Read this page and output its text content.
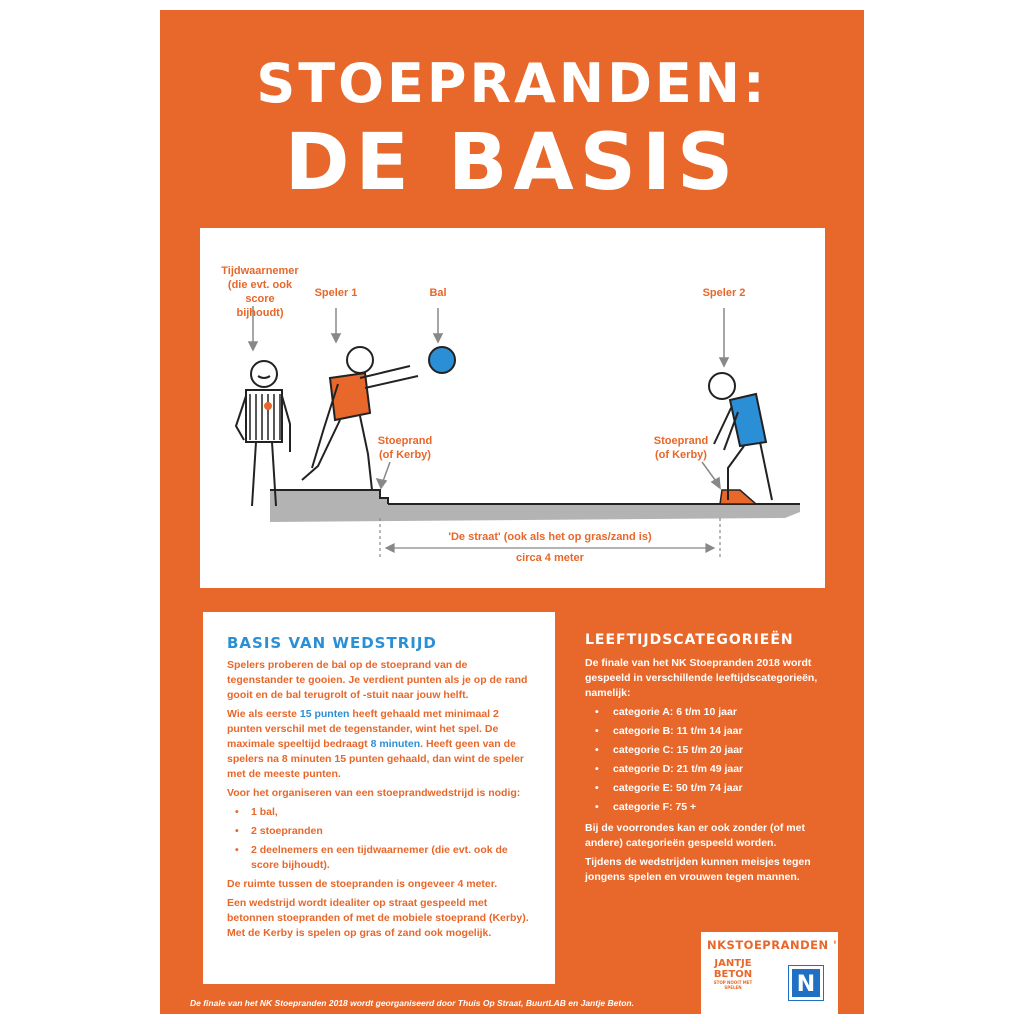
STOEPRANDEN:
DE BASIS
Tijdwaarnemer
(die evt. ook score
bijhoudt)
Speler 1	Bal	Speler 2
Stoeprand
(of Kerby)
Stoeprand
(of Kerby)
'De straat' (ook als het op gras/zand is)
circa 4 meter
BASIS VAN WEDSTRIJD

Spelers proberen de bal op de stoeprand van de tegenstander te gooien. Je verdient punten als je op de rand gooit en de bal terugrolt of -stuit naar jouw helft.

Wie als eerste 15 punten heeft gehaald met minimaal 2 punten verschil met de tegenstander, wint het spel. De maximale speeltijd bedraagt 8 minuten. Heeft geen van de spelers na 8 minuten 15 punten gehaald, dan wint de speler met de meeste punten.

Voor het organiseren van een stoeprandwedstrijd is nodig:

• 1 bal,
• 2 stoepranden
• 2 deelnemers en een tijdwaarnemer (die evt. ook de score bijhoudt).

De ruimte tussen de stoepranden is ongeveer 4 meter.

Een wedstrijd wordt idealiter op straat gespeeld met betonnen stoepranden of met de mobiele stoeprand (Kerby). Met de Kerby is spelen op gras of zand ook mogelijk.

LEEFTIJDSCATEGORIEËN

De finale van het NK Stoepranden 2018 wordt gespeeld in verschillende leeftijdscategorieën, namelijk:

• categorie A: 6 t/m 10 jaar
• categorie B: 11 t/m 14 jaar
• categorie C: 15 t/m 20 jaar
• categorie D: 21 t/m 49 jaar
• categorie E: 50 t/m 74 jaar
• categorie F: 75 +

Bij de voorrondes kan er ook zonder (of met andere) categorieën gespeeld worden.

Tijdens de wedstrijden kunnen meisjes tegen jongens spelen en vrouwen tegen mannen.

NKSTOEPRANDEN '18
JANTJE
BETON
STOP NOOIT MET SPELEN	N
De finale van het NK Stoepranden 2018 wordt georganiseerd door Thuis Op Straat, BuurtLAB en Jantje Beton.
